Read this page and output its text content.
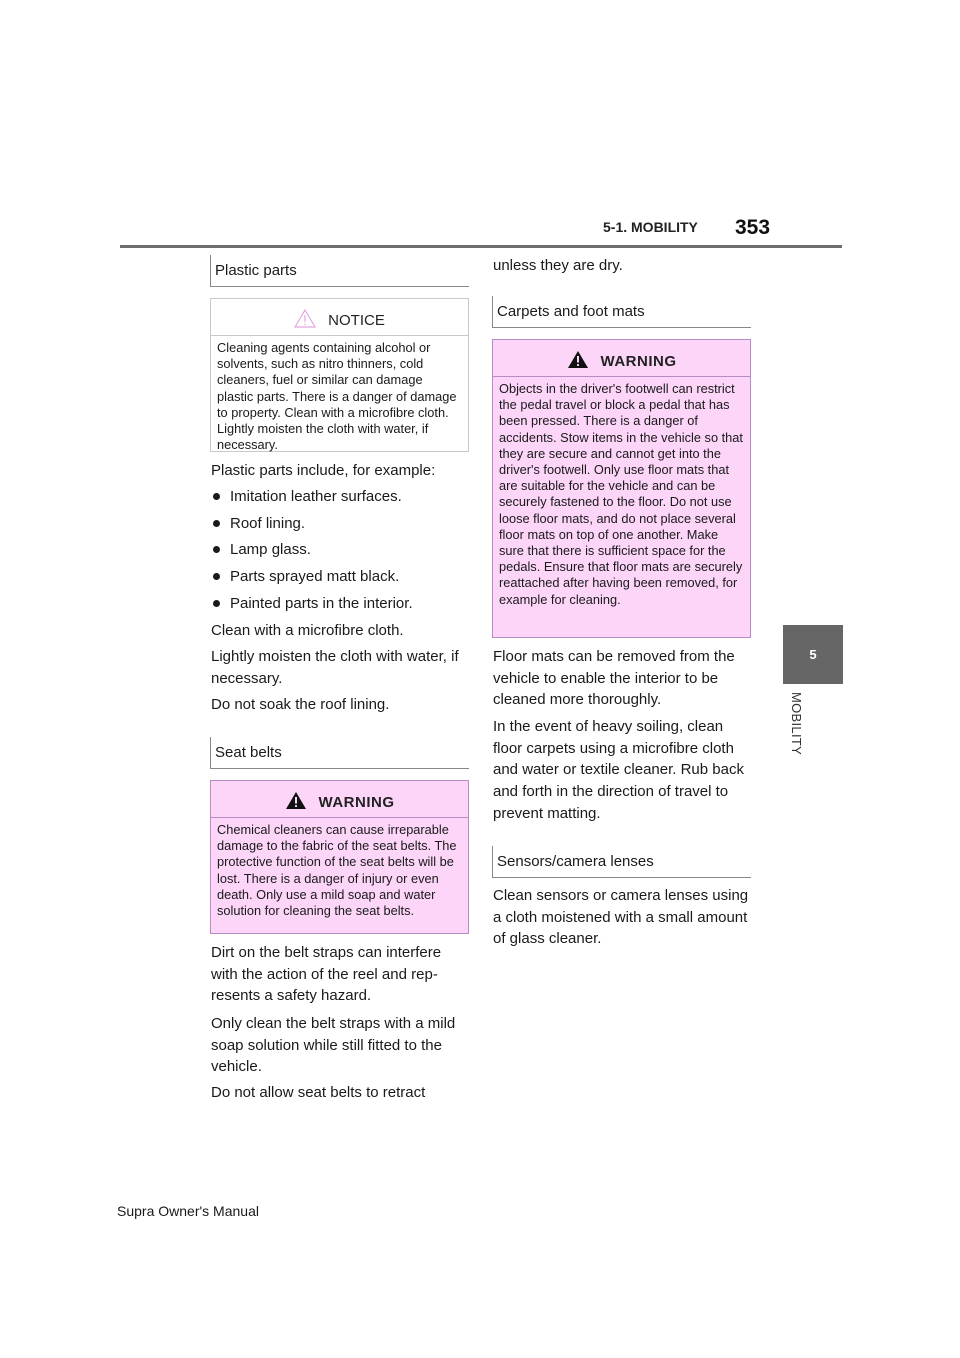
5-1. MOBILITY 353
5
MOBILITY
Plastic parts
NOTICE
Cleaning agents containing alcohol or solvents, such as nitro thinners, cold cleaners, fuel or similar can damage plastic parts. There is a danger of damage to property. Clean with a microfibre cloth. Lightly moisten the cloth with water, if necessary.
Plastic parts include, for example:
Imitation leather surfaces.
Roof lining.
Lamp glass.
Parts sprayed matt black.
Painted parts in the interior.
Clean with a microfibre cloth.
Lightly moisten the cloth with water, if necessary.
Do not soak the roof lining.
Seat belts
WARNING
Chemical cleaners can cause irreparable damage to the fabric of the seat belts. The protective function of the seat belts will be lost. There is a danger of injury or even death. Only use a mild soap and water solution for cleaning the seat belts.
Dirt on the belt straps can interfere with the action of the reel and represents a safety hazard.
Only clean the belt straps with a mild soap solution while still fitted to the vehicle.
Do not allow seat belts to retract
unless they are dry.
Carpets and foot mats
WARNING
Objects in the driver's footwell can restrict the pedal travel or block a pedal that has been pressed. There is a danger of accidents. Stow items in the vehicle so that they are secure and cannot get into the driver's footwell. Only use floor mats that are suitable for the vehicle and can be securely fastened to the floor. Do not use loose floor mats, and do not place several floor mats on top of one another. Make sure that there is sufficient space for the pedals. Ensure that floor mats are securely reattached after having been removed, for example for cleaning.
Floor mats can be removed from the vehicle to enable the interior to be cleaned more thoroughly.
In the event of heavy soiling, clean floor carpets using a microfibre cloth and water or textile cleaner. Rub back and forth in the direction of travel to prevent matting.
Sensors/camera lenses
Clean sensors or camera lenses using a cloth moistened with a small amount of glass cleaner.
Supra Owner's Manual
